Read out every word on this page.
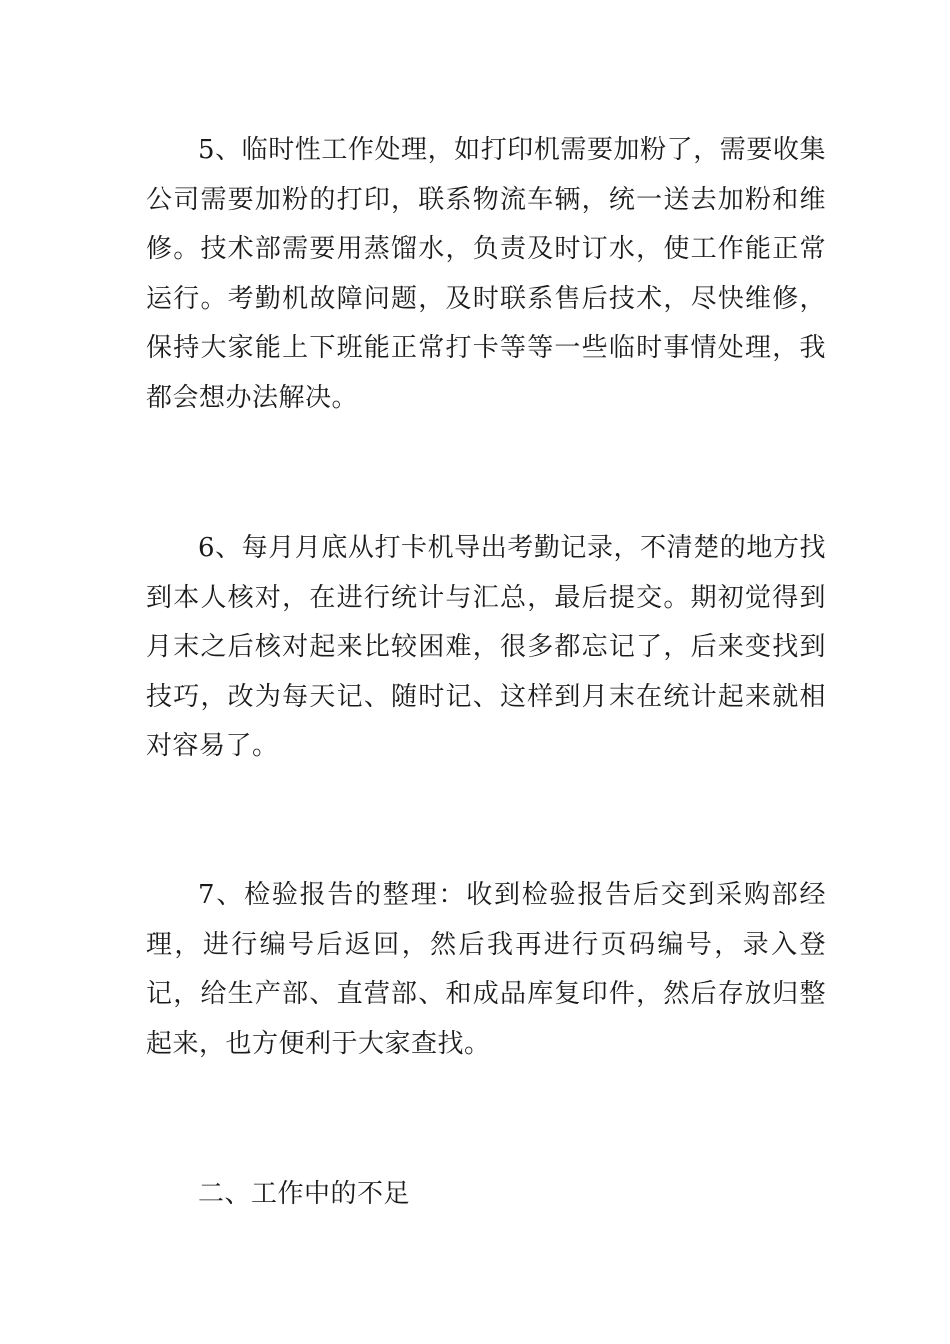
5、临时性工作处理，如打印机需要加粉了，需要收集公司需要加粉的打印，联系物流车辆，统一送去加粉和维修。技术部需要用蒸馏水，负责及时订水，使工作能正常运行。考勤机故障问题，及时联系售后技术，尽快维修，保持大家能上下班能正常打卡等等一些临时事情处理，我都会想办法解决。

6、每月月底从打卡机导出考勤记录，不清楚的地方找到本人核对，在进行统计与汇总，最后提交。期初觉得到月末之后核对起来比较困难，很多都忘记了，后来变找到技巧，改为每天记、随时记、这样到月末在统计起来就相对容易了。

7、检验报告的整理：收到检验报告后交到采购部经理，进行编号后返回，然后我再进行页码编号，录入登记，给生产部、直营部、和成品库复印件，然后存放归整起来，也方便利于大家查找。

二、工作中的不足
